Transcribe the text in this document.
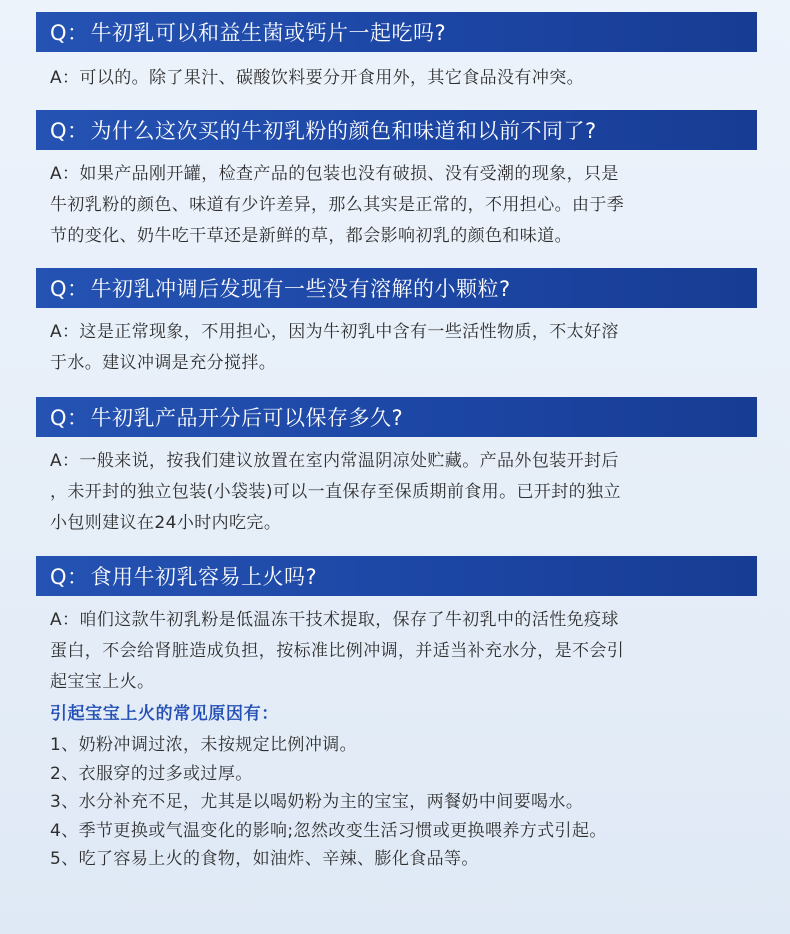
Q： 牛初乳可以和益生菌或钙片一起吃吗?

A：可以的。除了果汁、碳酸饮料要分开食用外，其它食品没有冲突。

Q： 为什么这次买的牛初乳粉的颜色和味道和以前不同了?

A：如果产品刚开罐，检查产品的包装也没有破损、没有受潮的现象，只是
牛初乳粉的颜色、味道有少许差异，那么其实是正常的，不用担心。由于季
节的变化、奶牛吃干草还是新鲜的草，都会影响初乳的颜色和味道。

Q： 牛初乳冲调后发现有一些没有溶解的小颗粒?

A：这是正常现象，不用担心，因为牛初乳中含有一些活性物质，不太好溶
于水。建议冲调是充分搅拌。

Q： 牛初乳产品开分后可以保存多久?

A：一般来说，按我们建议放置在室内常温阴凉处贮藏。产品外包装开封后
，未开封的独立包装(小袋装)可以一直保存至保质期前食用。已开封的独立
小包则建议在24小时内吃完。

Q： 食用牛初乳容易上火吗?

A：咱们这款牛初乳粉是低温冻干技术提取，保存了牛初乳中的活性免疫球
蛋白，不会给肾脏造成负担，按标准比例冲调，并适当补充水分，是不会引
起宝宝上火。

引起宝宝上火的常见原因有：
1、奶粉冲调过浓，未按规定比例冲调。
2、衣服穿的过多或过厚。
3、水分补充不足，尤其是以喝奶粉为主的宝宝，两餐奶中间要喝水。
4、季节更换或气温变化的影响;忽然改变生活习惯或更换喂养方式引起。
5、吃了容易上火的食物，如油炸、辛辣、膨化食品等。
